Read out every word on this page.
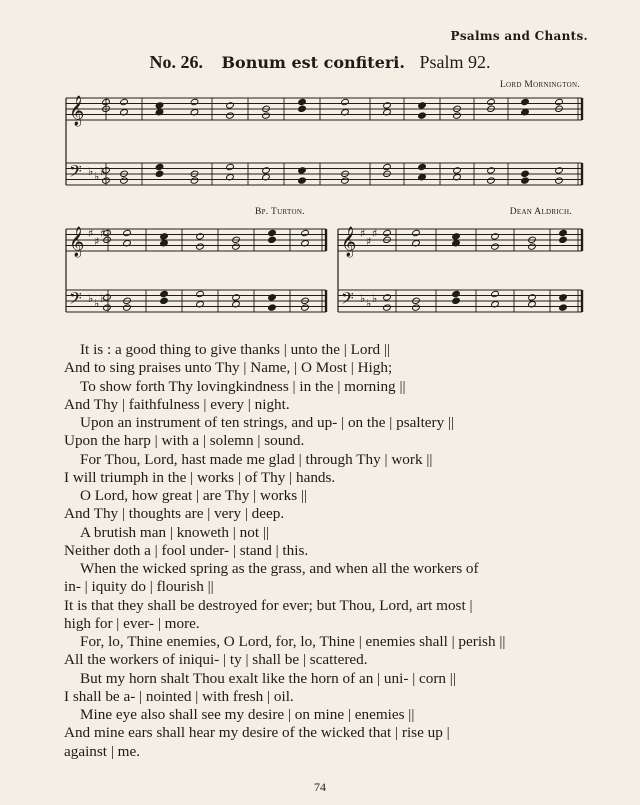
Psalms and Chants.
No. 26. Bonum est confiteri. Psalm 92.
Lord Mornington.
Bp. Turton.	Dean Aldrich.
𝄞
𝄢 ♭ ♭ ♭
𝄞
𝄢
♯
♯
♯
♭ ♭ ♭
𝄞
𝄢
♯
♯
♯
♭ ♭ ♭
It is : a good thing to give thanks | unto the | Lord ||
And to sing praises unto Thy | Name, | O Most | High;
To show forth Thy lovingkindness | in the | morning ||
And Thy | faithfulness | every | night.
Upon an instrument of ten strings, and up- | on the | psaltery ||
Upon the harp | with a | solemn | sound.
For Thou, Lord, hast made me glad | through Thy | work ||
I will triumph in the | works | of Thy | hands.
O Lord, how great | are Thy | works ||
And Thy | thoughts are | very | deep.
A brutish man | knoweth | not ||
Neither doth a | fool under- | stand | this.
When the wicked spring as the grass, and when all the workers of
in- | iquity do | flourish ||
It is that they shall be destroyed for ever; but Thou, Lord, art most |
high for | ever- | more.
For, lo, Thine enemies, O Lord, for, lo, Thine | enemies shall | perish ||
All the workers of iniqui- | ty | shall be | scattered.
But my horn shalt Thou exalt like the horn of an | uni- | corn ||
I shall be a- | nointed | with fresh | oil.
Mine eye also shall see my desire | on mine | enemies ||
And mine ears shall hear my desire of the wicked that | rise up |
against | me.
74
